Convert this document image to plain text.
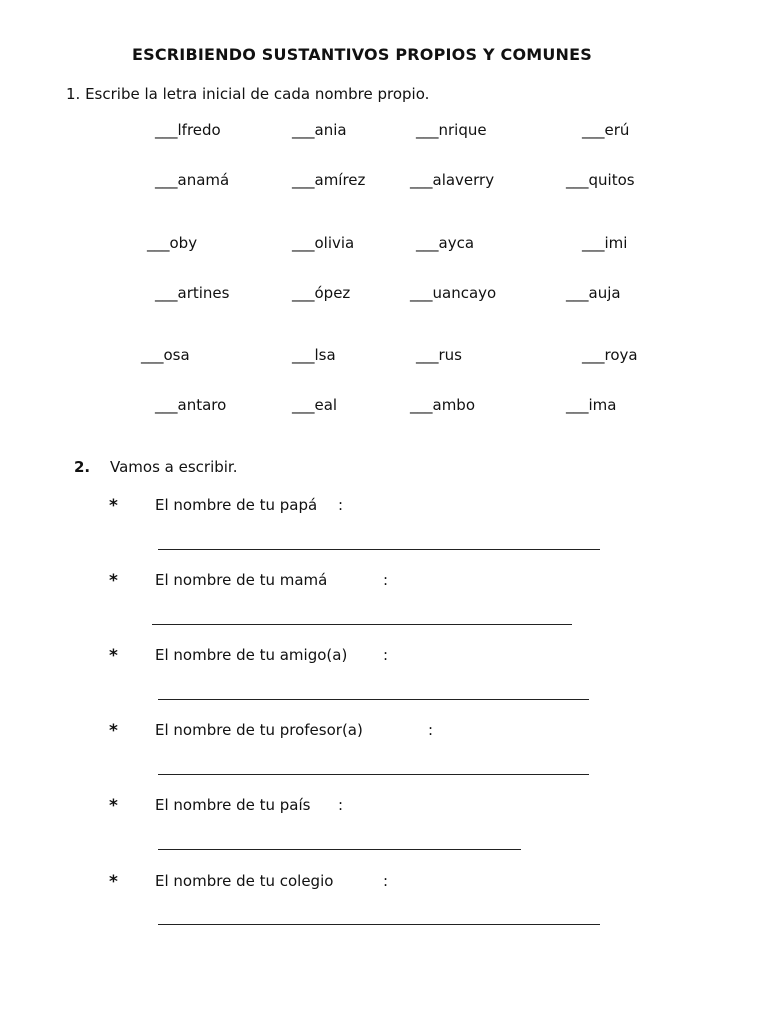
ESCRIBIENDO SUSTANTIVOS PROPIOS Y COMUNES
1. Escribe la letra inicial de cada nombre propio.
___lfredo	___ania	___nrique	___erú
___anamá	___amírez	___alaverry	___quitos
___oby	___olivia	___ayca	___imi
___artines	___ópez	___uancayo	___auja
___osa	___lsa	___rus	___roya
___antaro	___eal	___ambo	___ima
2. Vamos a escribir.
* El nombre de tu papá :
* El nombre de tu mamá	:
* El nombre de tu amigo(a) :
* El nombre de tu profesor(a)	:
* El nombre de tu país :
* El nombre de tu colegio	:
